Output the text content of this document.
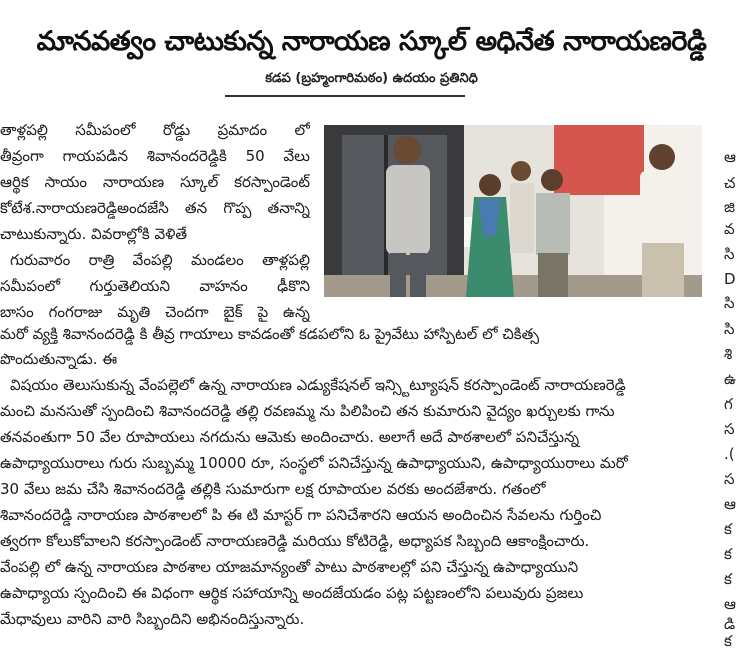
మానవత్వం చాటుకున్న నారాయణ స్కూల్ అధినేత నారాయణరెడ్డి
కడప (బ్రహ్మంగారిమఠం) ఉదయం ప్రతినిధి
తాళ్లపల్లి సమీపంలో రోడ్డు ప్రమాదం లో
తీవ్రంగా గాయపడిన శివానందరెడ్డికి 50 వేలు
ఆర్థిక సాయం నారాయణ స్కూల్ కరస్పాండెంట్
కోటేశ.నారాయణరెడ్డిఅందజేసి తన గొప్ప తనాన్ని
చాటుకున్నారు. వివరాల్లోకి వెళితే
గురువారం రాత్రి వేంపల్లి మండలం తాళ్లపల్లి
సమీపంలో గుర్తుతెలియని వాహనం ఢీకొని
బాసం గంగరాజు మృతి చెందగా బైక్ పై ఉన్న
మరో వ్యక్తి శివానందరెడ్డి కి తీవ్ర గాయాలు కావడంతో కడపలోని ఓ ప్రైవేటు హాస్పిటల్ లో చికిత్స
పొందుతున్నాడు. ఈ
విషయం తెలుసుకున్న వేంపల్లెలో ఉన్న నారాయణ ఎడ్యుకేషనల్ ఇన్స్టిట్యూషన్ కరస్పాండెంట్ నారాయణరెడ్డి
మంచి మనసుతో స్పందించి శివానందరెడ్డి తల్లి రవణమ్మ ను పిలిపించి తన కుమారుని వైద్యం ఖర్చులకు గాను
తనవంతుగా 50 వేల రూపాయలు నగదును ఆమెకు అందించారు. అలాగే అదే పాఠశాలలో పనిచేస్తున్న
ఉపాధ్యాయురాలు గురు సుబ్బమ్మ 10000 రూ, సంస్థలో పనిచేస్తున్న ఉపాధ్యాయుని, ఉపాధ్యాయురాలు మరో
30 వేలు జమ చేసి శివానందరెడ్డి తల్లికి సుమారుగా లక్ష రూపాయల వరకు అందజేశారు. గతంలో
శివానందరెడ్డి నారాయణ పాఠశాలలో పి ఈ టి మాస్టర్ గా పనిచేశారని ఆయన అందించిన సేవలను గుర్తించి
త్వరగా కోలుకోవాలని కరస్పాండెంట్ నారాయణరెడ్డి మరియు కోటిరెడ్డి, అధ్యాపక సిబ్బంది ఆకాంక్షించారు.
వేంపల్లి లో ఉన్న నారాయణ పాఠశాల యాజమాన్యంతో పాటు పాఠశాలల్లో పని చేస్తున్న ఉపాధ్యాయుని
ఉపాధ్యాయ స్పందించి ఈ విధంగా ఆర్థిక సహాయాన్ని అందజేయడం పట్ల పట్టణంలోని పలువురు ప్రజలు
మేధావులు వారిని వారి సిబ్బందిని అభినందిస్తున్నారు.
ఆ
చ
జి
వ
సి
D
సి
సి
శి
ఉ
గ
స
.(
స
ఆ
క
క
క
ఆ
డి
క
